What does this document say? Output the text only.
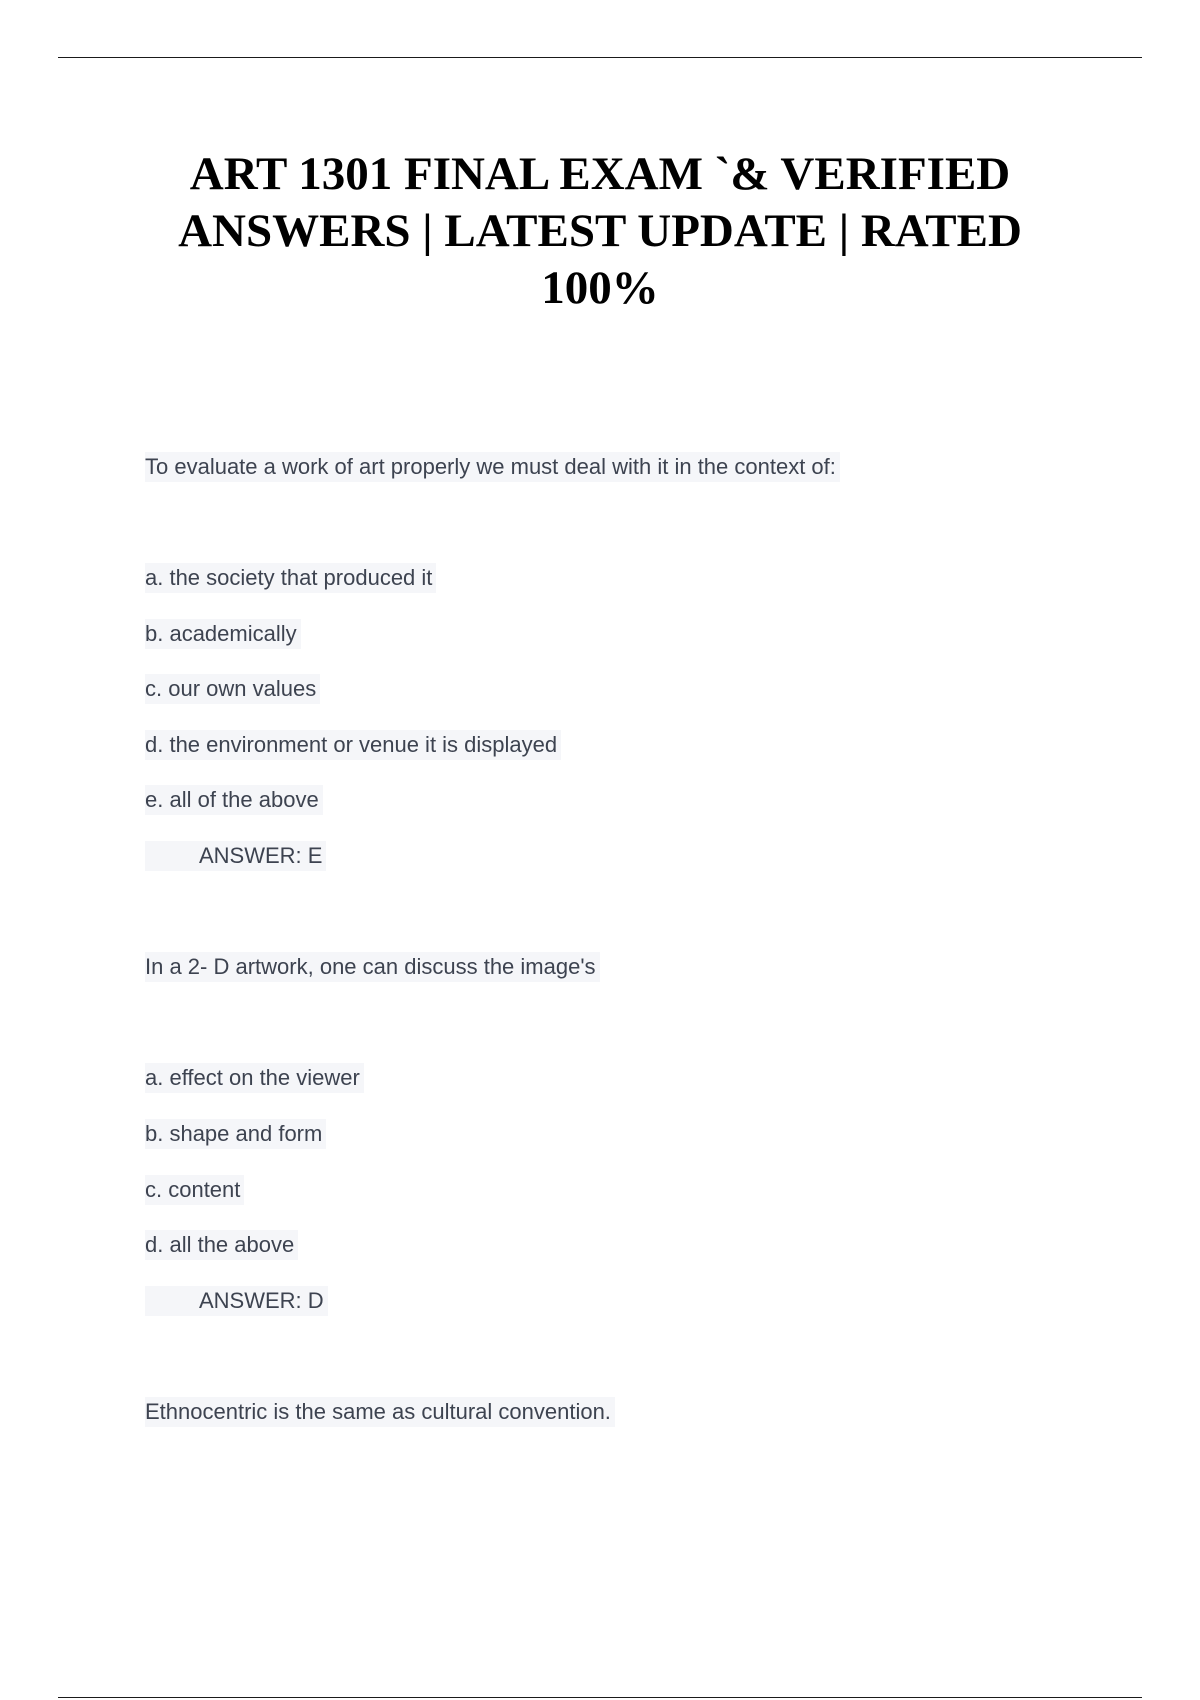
ART 1301 FINAL EXAM `& VERIFIED
ANSWERS | LATEST UPDATE | RATED
100%
To evaluate a work of art properly we must deal with it in the context of:
a. the society that produced it
b. academically
c. our own values
d. the environment or venue it is displayed
e. all of the above
ANSWER: E
In a 2- D artwork, one can discuss the image's
a. effect on the viewer
b. shape and form
c. content
d. all the above
ANSWER: D
Ethnocentric is the same as cultural convention.
